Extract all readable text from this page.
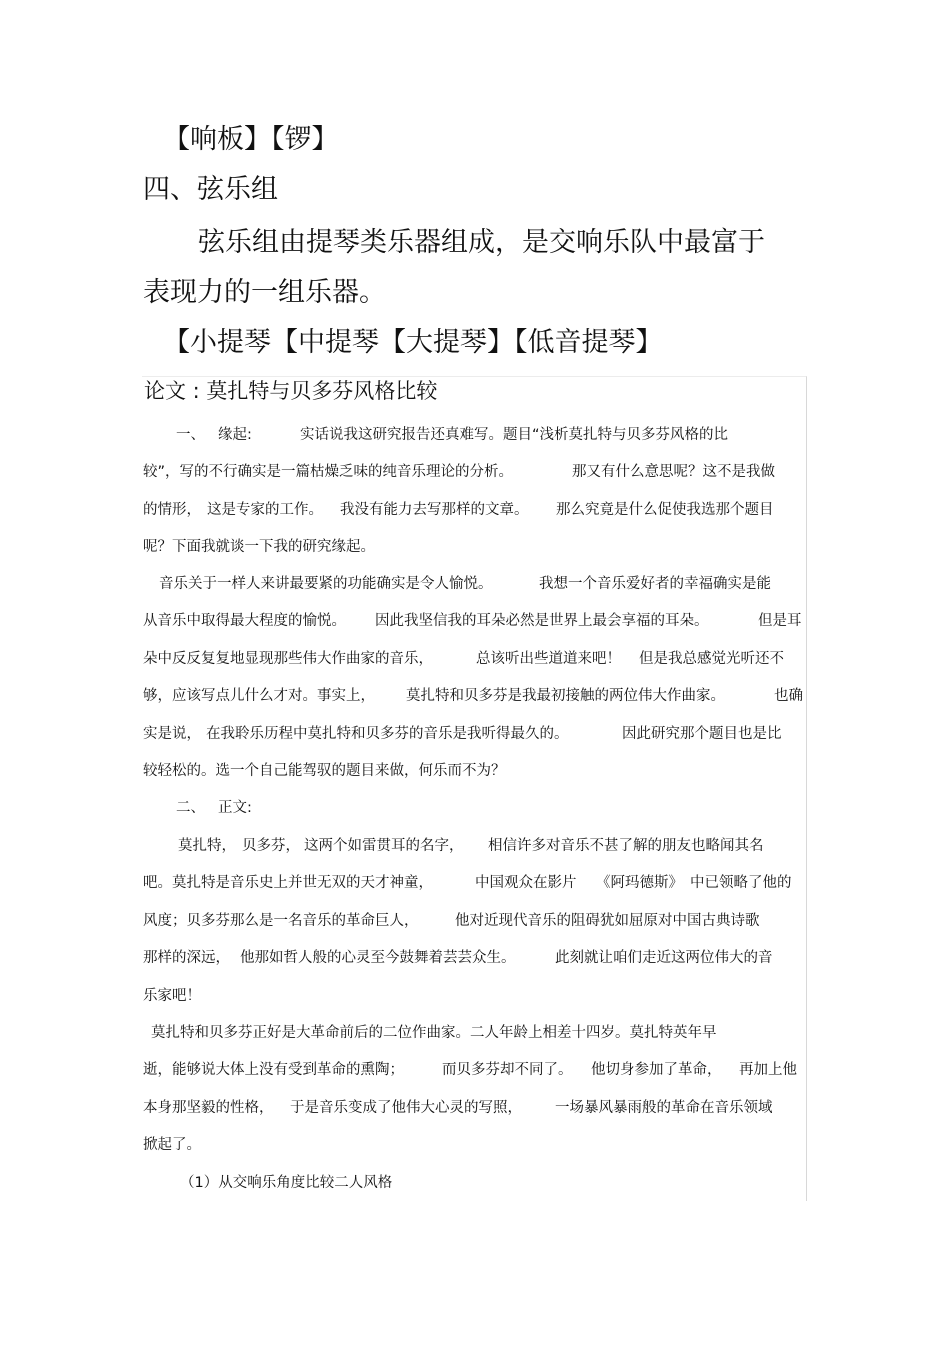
【响板】【锣】
四、弦乐组
弦乐组由提琴类乐器组成，是交响乐队中最富于
表现力的一组乐器。
【小提琴【中提琴【大提琴】【低音提琴】
论文 : 莫扎特与贝多芬风格比较
一、 缘起:	实话说我这研究报告还真难写。题目“浅析莫扎特与贝多芬风格的比
较”，写的不行确实是一篇枯燥乏味的纯音乐理论的分析。	那又有什么意思呢？这不是我做
的情形， 这是专家的工作。 我没有能力去写那样的文章。 那么究竟是什么促使我选那个题目
呢？下面我就谈一下我的研究缘起。
音乐关于一样人来讲最要紧的功能确实是令人愉悦。	我想一个音乐爱好者的幸福确实是能
从音乐中取得最大程度的愉悦。 因此我坚信我的耳朵必然是世界上最会享福的耳朵。	但是耳
朵中反反复复地显现那些伟大作曲家的音乐，	总该听出些道道来吧！ 但是我总感觉光听还不
够，应该写点儿什么才对。事实上， 莫扎特和贝多芬是我最初接触的两位伟大作曲家。	也确
实是说， 在我聆乐历程中莫扎特和贝多芬的音乐是我听得最久的。	因此研究那个题目也是比
较轻松的。选一个自己能驾驭的题目来做，何乐而不为？
二、 正文:
莫扎特， 贝多芬， 这两个如雷贯耳的名字， 相信许多对音乐不甚了解的朋友也略闻其名
吧。莫扎特是音乐史上并世无双的天才神童，	中国观众在影片 《阿玛德斯》 中已领略了他的
风度；贝多芬那么是一名音乐的革命巨人，	他对近现代音乐的阻碍犹如屈原对中国古典诗歌
那样的深远， 他那如哲人般的心灵至今鼓舞着芸芸众生。	此刻就让咱们走近这两位伟大的音
乐家吧！
莫扎特和贝多芬正好是大革命前后的二位作曲家。二人年龄上相差十四岁。莫扎特英年早
逝，能够说大体上没有受到革命的熏陶；	而贝多芬却不同了。 他切身参加了革命， 再加上他
本身那坚毅的性格， 于是音乐变成了他伟大心灵的写照， 一场暴风暴雨般的革命在音乐领域
掀起了。
（1）从交响乐角度比较二人风格
